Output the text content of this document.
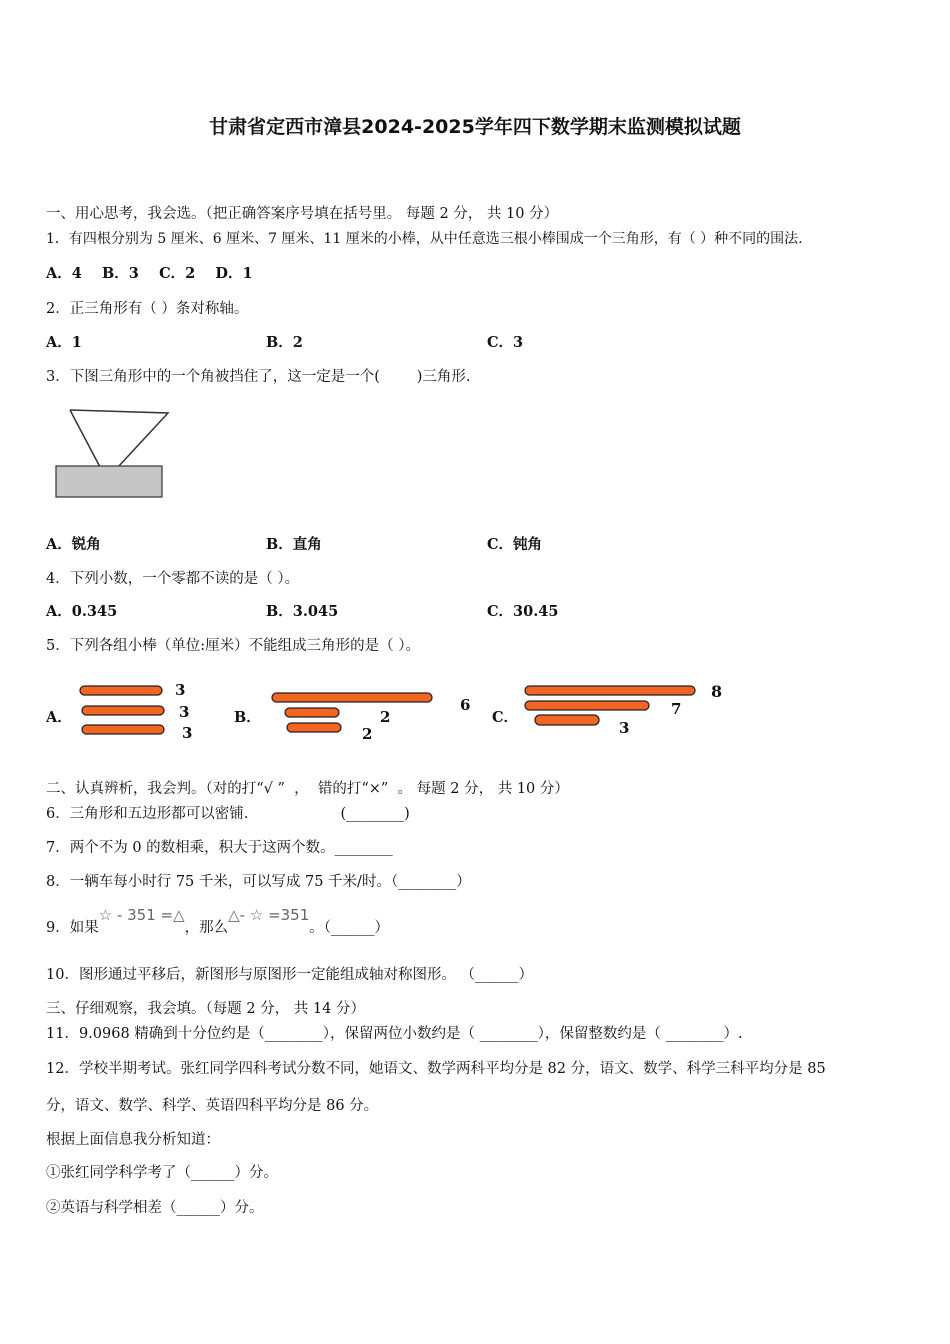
甘肃省定西市漳县2024-2025学年四下数学期末监测模拟试题
一、用心思考，我会选。（把正确答案序号填在括号里。 每题 2 分， 共 10 分）
1．有四根分别为 5 厘米、6 厘米、7 厘米、11 厘米的小棒，从中任意选三根小棒围成一个三角形，有（ ）种不同的围法.
A．4    B．3    C．2    D．1
2．正三角形有（ ）条对称轴。
A．1	B．2	C．3
3．下图三角形中的一个角被挡住了，这一定是一个(        )三角形.
A．锐角	B．直角	C．钝角
4．下列小数，一个零都不读的是（ ）。
A．0.345	B．3.045	C．30.45
5．下列各组小棒（单位:厘米）不能组成三角形的是（ ）。
A．
3
3
3
B．
6
2
2
C．
8
7
3
二、认真辨析，我会判。（对的打“√ ”  ，  错的打“×”  。 每题 2 分， 共 10 分）
6．三角形和五边形都可以密铺.                    (________)
7．两个不为 0 的数相乘，积大于这两个数。________
8．一辆车每小时行 75 千米，可以写成 75 千米/时。（________）
9．如果☆ - 351 =△，那么△- ☆ =351。（______）
10．图形通过平移后，新图形与原图形一定能组成轴对称图形。 （______）
三、仔细观察，我会填。（每题 2 分， 共 14 分）
11．9.0968 精确到十分位约是（________），保留两位小数约是（ ________），保留整数约是（ ________）.
12．学校半期考试。张红同学四科考试分数不同，她语文、数学两科平均分是 82 分，语文、数学、科学三科平均分是 85
分，语文、数学、科学、英语四科平均分是 86 分。
根据上面信息我分析知道：
①张红同学科学考了（______）分。
②英语与科学相差（______）分。
